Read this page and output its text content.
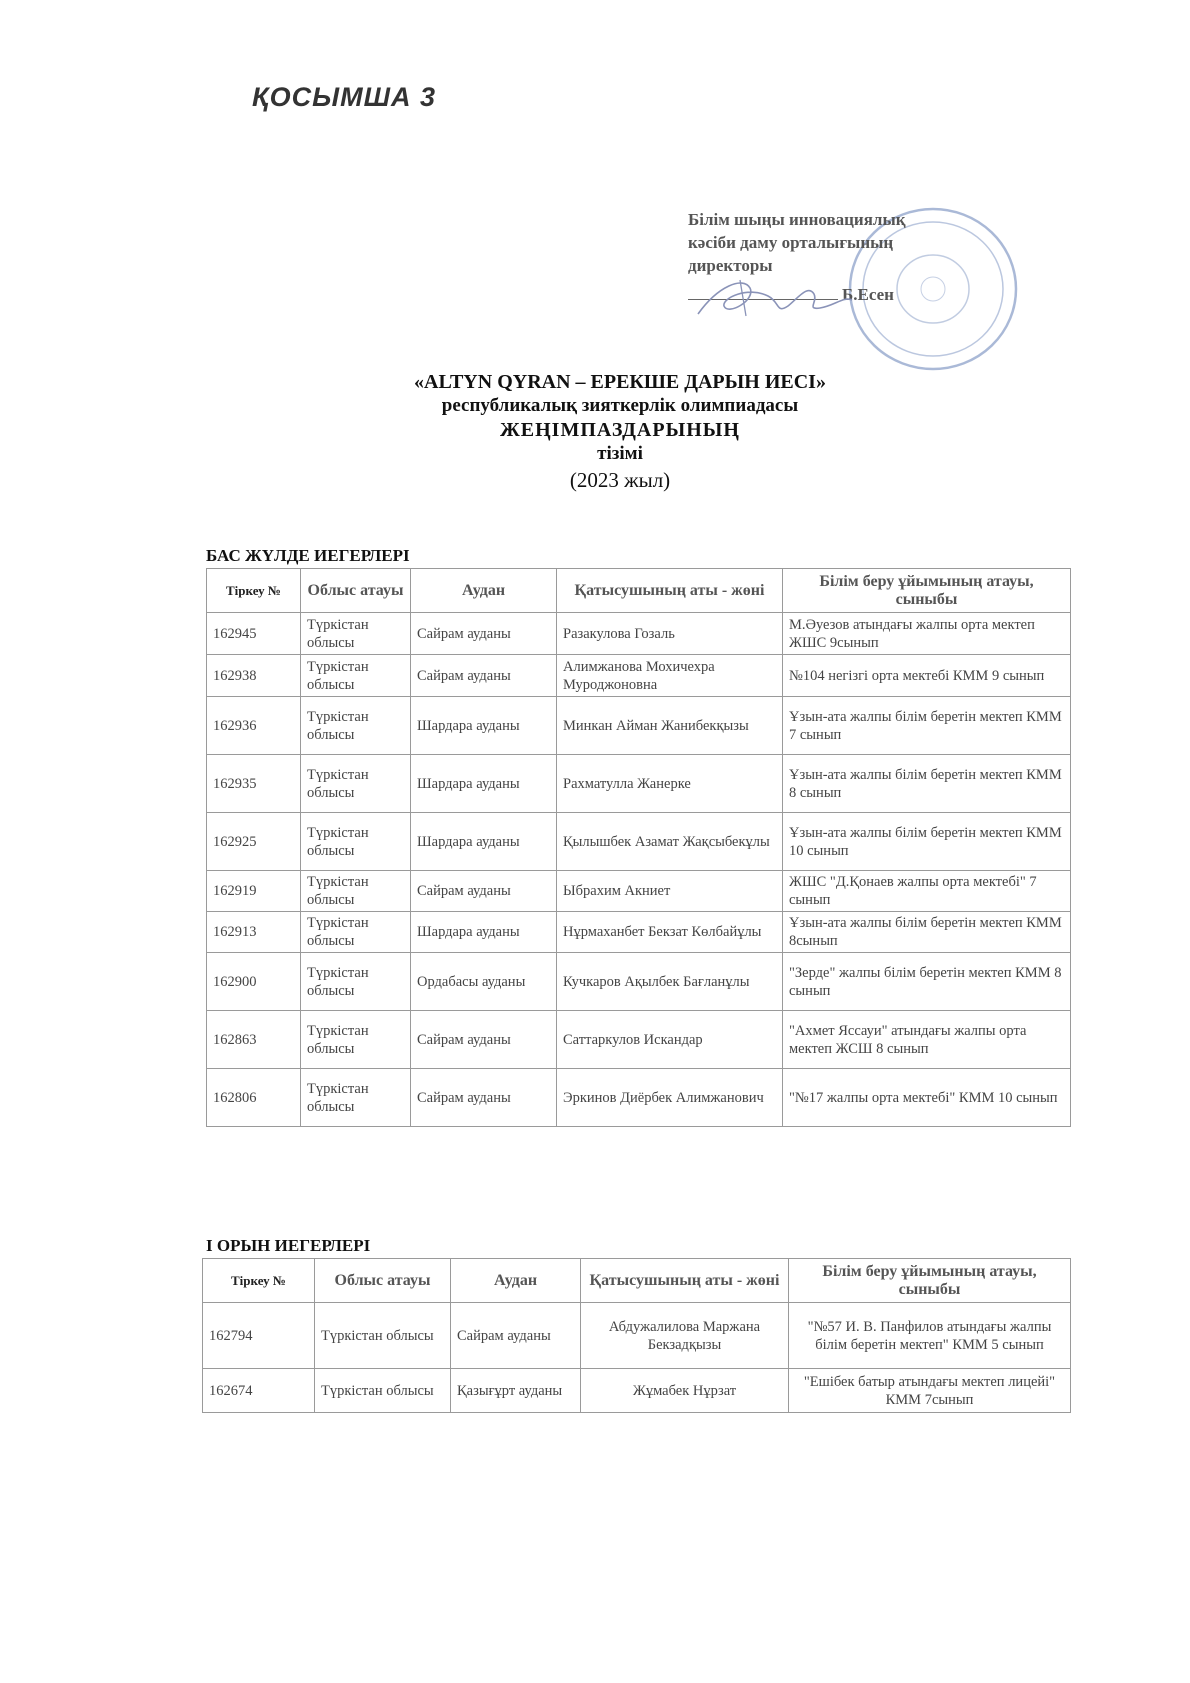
ҚОСЫМША 3
Білім шыңы инновациялық
кәсіби даму орталығының
директоры
Б.Есен
«ALTYN QYRAN – ЕРЕКШЕ ДАРЫН ИЕСІ»
республикалық зияткерлік олимпиадасы
ЖЕҢІМПАЗДАРЫНЫҢ
тізімі
(2023 жыл)
БАС ЖҮЛДЕ ИЕГЕРЛЕРІ
Тіркеу №	Облыс атауы	Аудан	Қатысушының аты - жөні	Білім беру ұйымының атауы, сыныбы
162945	Түркістан облысы	Сайрам ауданы	Разакулова Гозаль	М.Әуезов атындағы жалпы орта мектеп ЖШС 9сынып
162938	Түркістан облысы	Сайрам ауданы	Алимжанова Мохичехра Муроджоновна	№104 негізгі орта мектебі КММ 9 сынып
162936	Түркістан облысы	Шардара ауданы	Минкан Айман Жанибекқызы	Ұзын-ата жалпы білім беретін мектеп КММ 7 сынып
162935	Түркістан облысы	Шардара ауданы	Рахматулла Жанерке	Ұзын-ата жалпы білім беретін мектеп КММ 8 сынып
162925	Түркістан облысы	Шардара ауданы	Қылышбек Азамат Жақсыбекұлы	Ұзын-ата жалпы білім беретін мектеп КММ 10 сынып
162919	Түркістан облысы	Сайрам ауданы	Ыбрахим Акниет	ЖШС "Д.Қонаев жалпы орта мектебі" 7 сынып
162913	Түркістан облысы	Шардара ауданы	Нұрмаханбет Бекзат Көлбайұлы	Ұзын-ата жалпы білім беретін мектеп КММ 8сынып
162900	Түркістан облысы	Ордабасы ауданы	Кучкаров Ақылбек Бағланұлы	"Зерде" жалпы білім беретін мектеп КММ 8 сынып
162863	Түркістан облысы	Сайрам ауданы	Саттаркулов Искандар	"Ахмет Яссауи" атындағы жалпы орта мектеп ЖСШ 8 сынып
162806	Түркістан облысы	Сайрам ауданы	Эркинов Диёрбек Алимжанович	"№17 жалпы орта мектебі" КММ 10 сынып
І ОРЫН ИЕГЕРЛЕРІ
Тіркеу №	Облыс атауы	Аудан	Қатысушының аты - жөні	Білім беру ұйымының атауы, сыныбы
162794	Түркістан облысы	Сайрам ауданы	Абдужалилова Маржана Бекзадқызы	"№57 И. В. Панфилов атындағы жалпы білім беретін мектеп" КММ 5 сынып
162674	Түркістан облысы	Қазығұрт ауданы	Жұмабек Нұрзат	"Ешібек батыр атындағы мектеп лицейі" КММ 7сынып
